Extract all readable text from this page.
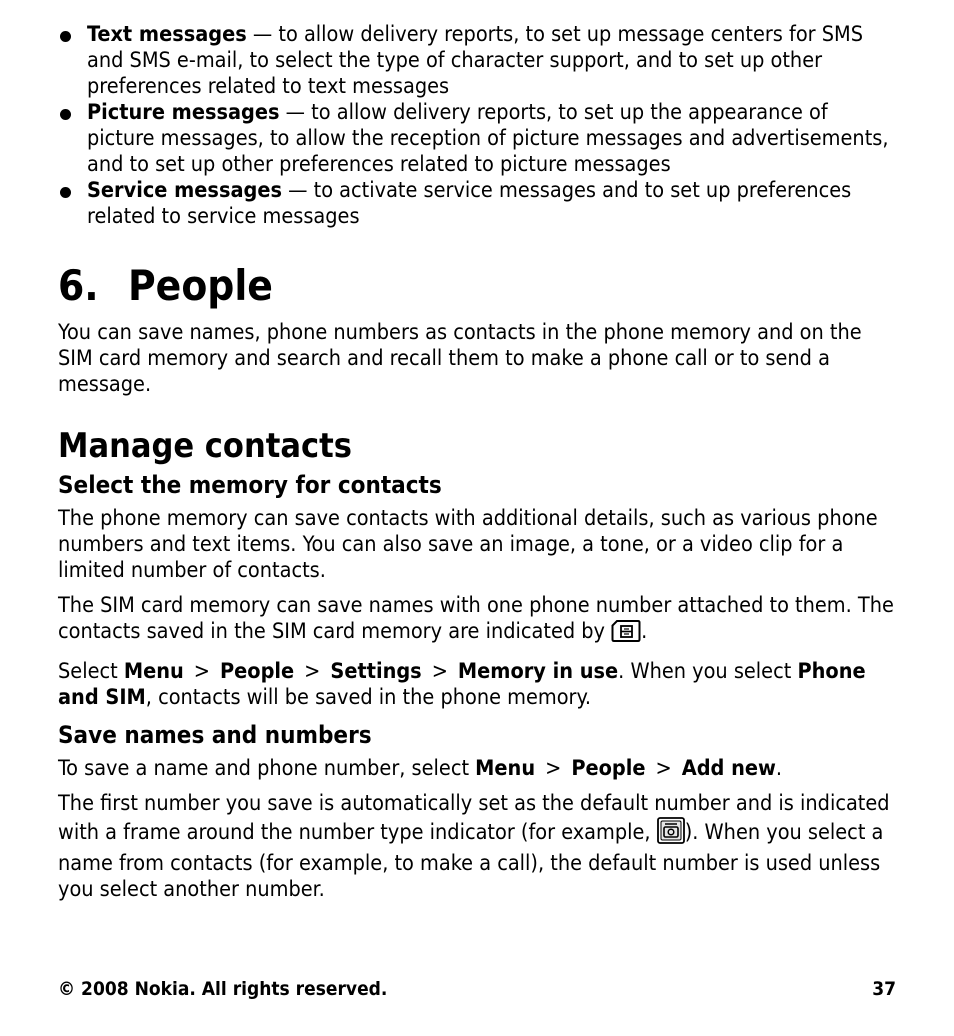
Text messages — to allow delivery reports, to set up message centers for SMS and SMS e-mail, to select the type of character support, and to set up other preferences related to text messages
Picture messages — to allow delivery reports, to set up the appearance of picture messages, to allow the reception of picture messages and advertisements, and to set up other preferences related to picture messages
Service messages — to activate service messages and to set up preferences related to service messages
6. People

You can save names, phone numbers as contacts in the phone memory and on the SIM card memory and search and recall them to make a phone call or to send a message.

Manage contacts
Select the memory for contacts

The phone memory can save contacts with additional details, such as various phone numbers and text items. You can also save an image, a tone, or a video clip for a limited number of contacts.

The SIM card memory can save names with one phone number attached to them. The contacts saved in the SIM card memory are indicated by .

Select Menu > People > Settings > Memory in use. When you select Phone and SIM, contacts will be saved in the phone memory.

Save names and numbers

To save a name and phone number, select Menu > People > Add new.

The first number you save is automatically set as the default number and is indicated with a frame around the number type indicator (for example, ). When you select a name from contacts (for example, to make a call), the default number is used unless you select another number.

© 2008 Nokia. All rights reserved.	37
